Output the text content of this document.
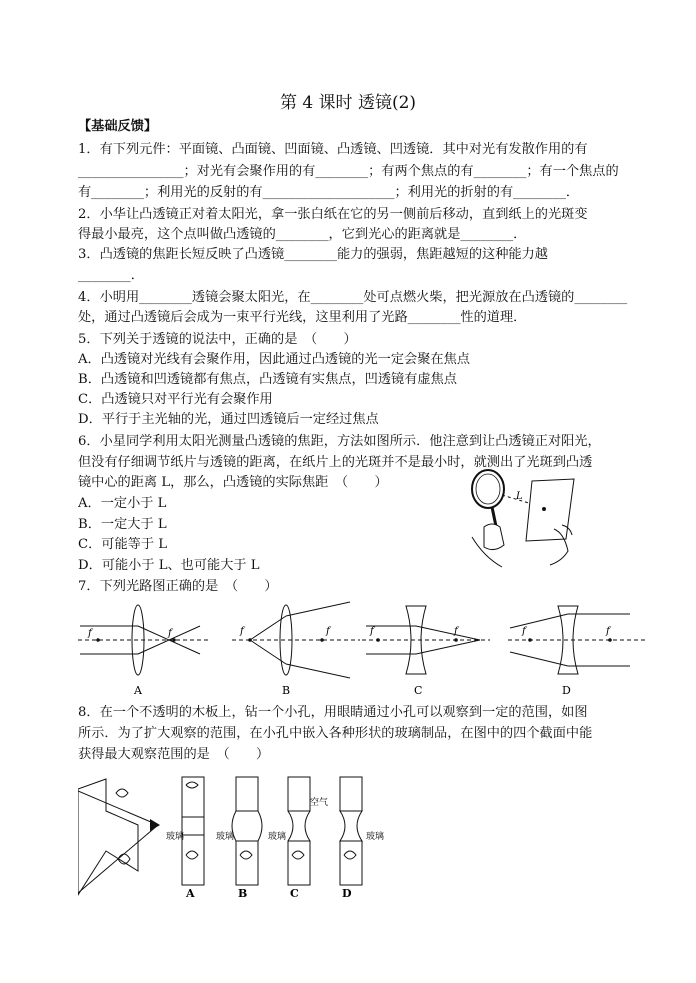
第 4 课时 透镜(2)
【基础反馈】
1．有下列元件：平面镜、凸面镜、凹面镜、凸透镜、凹透镜．其中对光有发散作用的有
________________；对光有会聚作用的有________；有两个焦点的有________；有一个焦点的
有________；利用光的反射的有____________________；利用光的折射的有________．
2．小华让凸透镜正对着太阳光，拿一张白纸在它的另一侧前后移动，直到纸上的光斑变
得最小最亮，这个点叫做凸透镜的________，它到光心的距离就是________．
3．凸透镜的焦距长短反映了凸透镜________能力的强弱，焦距越短的这种能力越
________．
4．小明用________透镜会聚太阳光，在________处可点燃火柴，把光源放在凸透镜的________
处，通过凸透镜后会成为一束平行光线，这里利用了光路________性的道理．
5．下列关于透镜的说法中，正确的是　（　　）
A．凸透镜对光线有会聚作用，因此通过凸透镜的光一定会聚在焦点
B．凸透镜和凹透镜都有焦点，凸透镜有实焦点，凹透镜有虚焦点
C．凸透镜只对平行光有会聚作用
D．平行于主光轴的光，通过凹透镜后一定经过焦点
6．小星同学利用太阳光测量凸透镜的焦距，方法如图所示．他注意到让凸透镜正对阳光，
但没有仔细调节纸片与透镜的距离，在纸片上的光斑并不是最小时，就测出了光斑到凸透
镜中心的距离 L，那么，凸透镜的实际焦距　（　　）
A．一定小于 L
B．一定大于 L
C．可能等于 L
D．可能小于 L、也可能大于 L
7．下列光路图正确的是　（　　）
8．在一个不透明的木板上，钻一个小孔，用眼睛通过小孔可以观察到一定的范围，如图
所示．为了扩大观察的范围，在小孔中嵌入各种形状的玻璃制品，在图中的四个截面中能
获得最大观察范围的是　（　　）
L
f	f
A
f	f
B
f	f
C
f	f
D
玻璃
A
玻璃
B
玻璃
空气
C
玻璃
D
